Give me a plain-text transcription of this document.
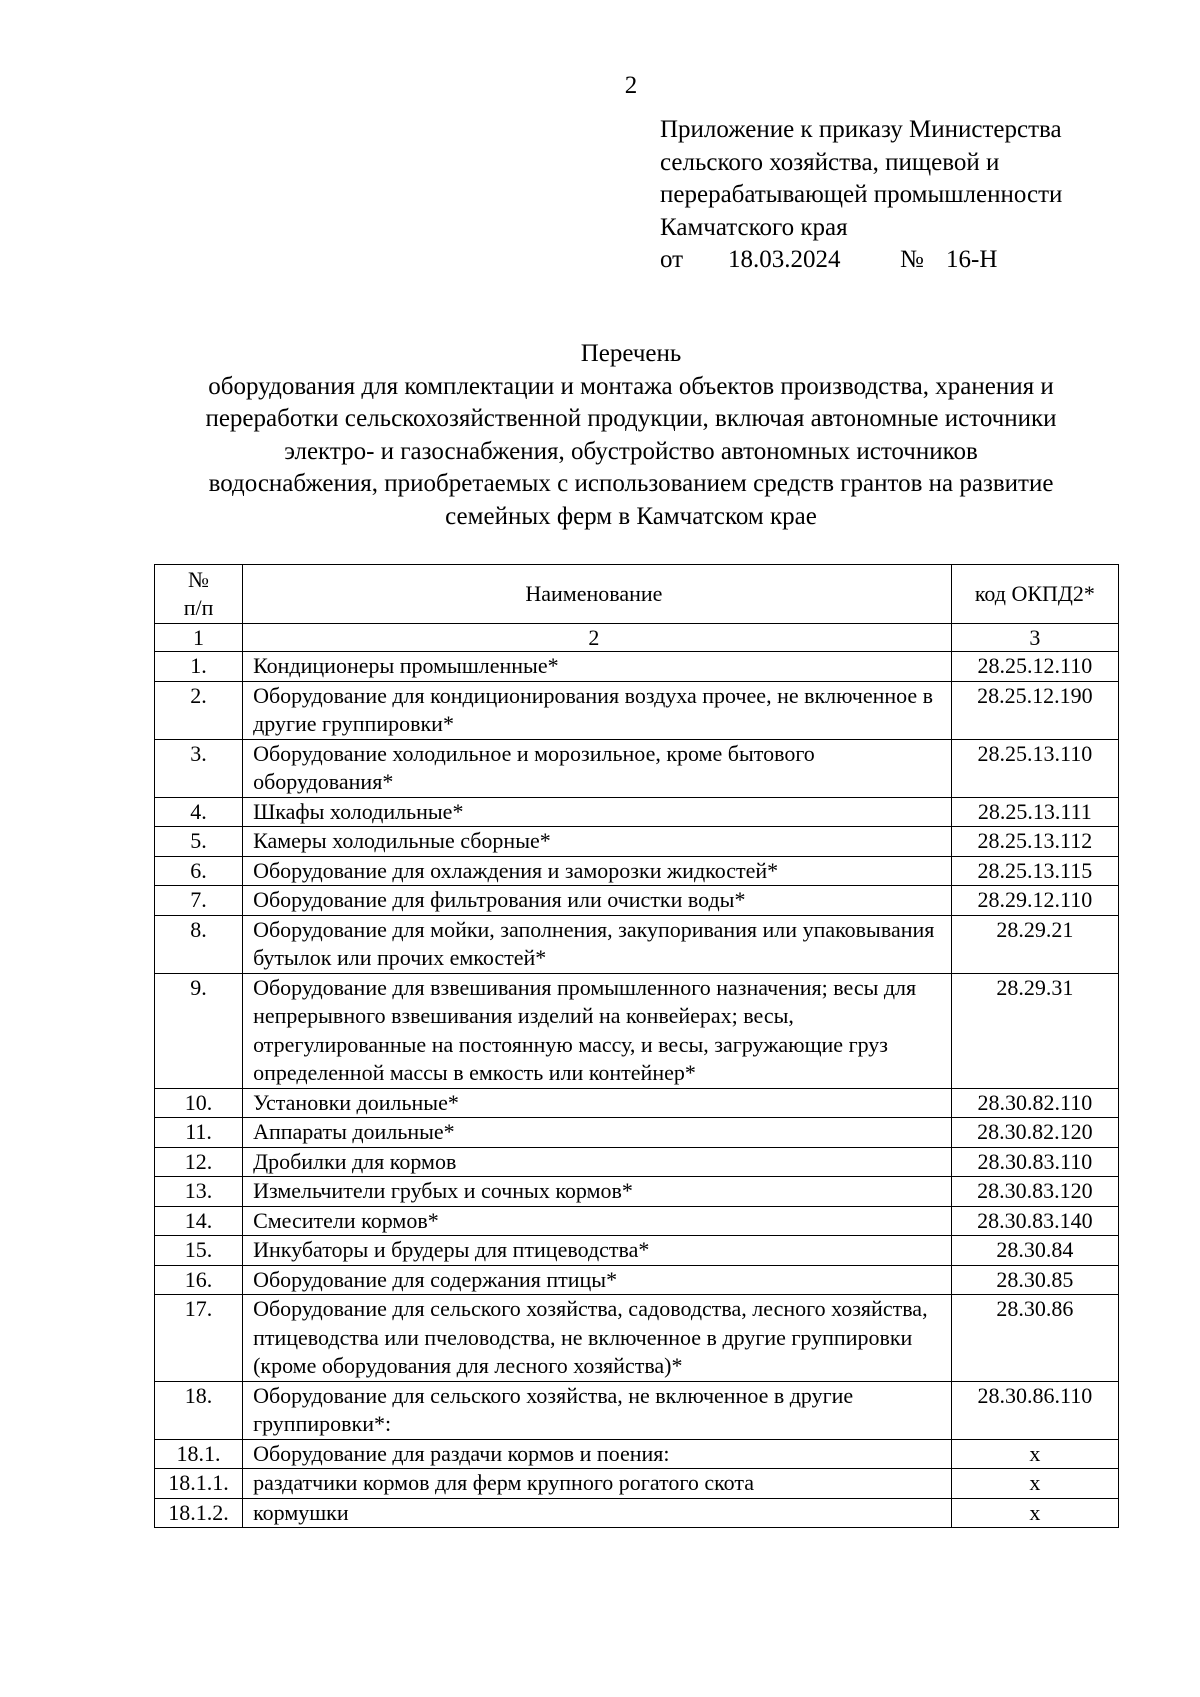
2
Приложение к приказу Министерства
сельского хозяйства, пищевой и
перерабатывающей промышленности
Камчатского края
от	18.03.2024	№ 16-Н
Перечень
оборудования для комплектации и монтажа объектов производства, хранения и
переработки сельскохозяйственной продукции, включая автономные источники
электро- и газоснабжения, обустройство автономных источников
водоснабжения, приобретаемых с использованием средств грантов на развитие
семейных ферм в Камчатском крае
№
п/п	Наименование	код ОКПД2*
1	2	3
1.	Кондиционеры промышленные*	28.25.12.110
2.	Оборудование для кондиционирования воздуха прочее, не включенное в другие группировки*	28.25.12.190
3.	Оборудование холодильное и морозильное, кроме бытового оборудования*	28.25.13.110
4.	Шкафы холодильные*	28.25.13.111
5.	Камеры холодильные сборные*	28.25.13.112
6.	Оборудование для охлаждения и заморозки жидкостей*	28.25.13.115
7.	Оборудование для фильтрования или очистки воды*	28.29.12.110
8.	Оборудование для мойки, заполнения, закупоривания или упаковывания бутылок или прочих емкостей*	28.29.21
9.	Оборудование для взвешивания промышленного назначения; весы для непрерывного взвешивания изделий на конвейерах; весы, отрегулированные на постоянную массу, и весы, загружающие груз определенной массы в емкость или контейнер*	28.29.31
10.	Установки доильные*	28.30.82.110
11.	Аппараты доильные*	28.30.82.120
12.	Дробилки для кормов	28.30.83.110
13.	Измельчители грубых и сочных кормов*	28.30.83.120
14.	Смесители кормов*	28.30.83.140
15.	Инкубаторы и брудеры для птицеводства*	28.30.84
16.	Оборудование для содержания птицы*	28.30.85
17.	Оборудование для сельского хозяйства, садоводства, лесного хозяйства, птицеводства или пчеловодства, не включенное в другие группировки (кроме оборудования для лесного хозяйства)*	28.30.86
18.	Оборудование для сельского хозяйства, не включенное в другие группировки*:	28.30.86.110
18.1.	Оборудование для раздачи кормов и поения:	x
18.1.1.	раздатчики кормов для ферм крупного рогатого скота	x
18.1.2.	кормушки	x
